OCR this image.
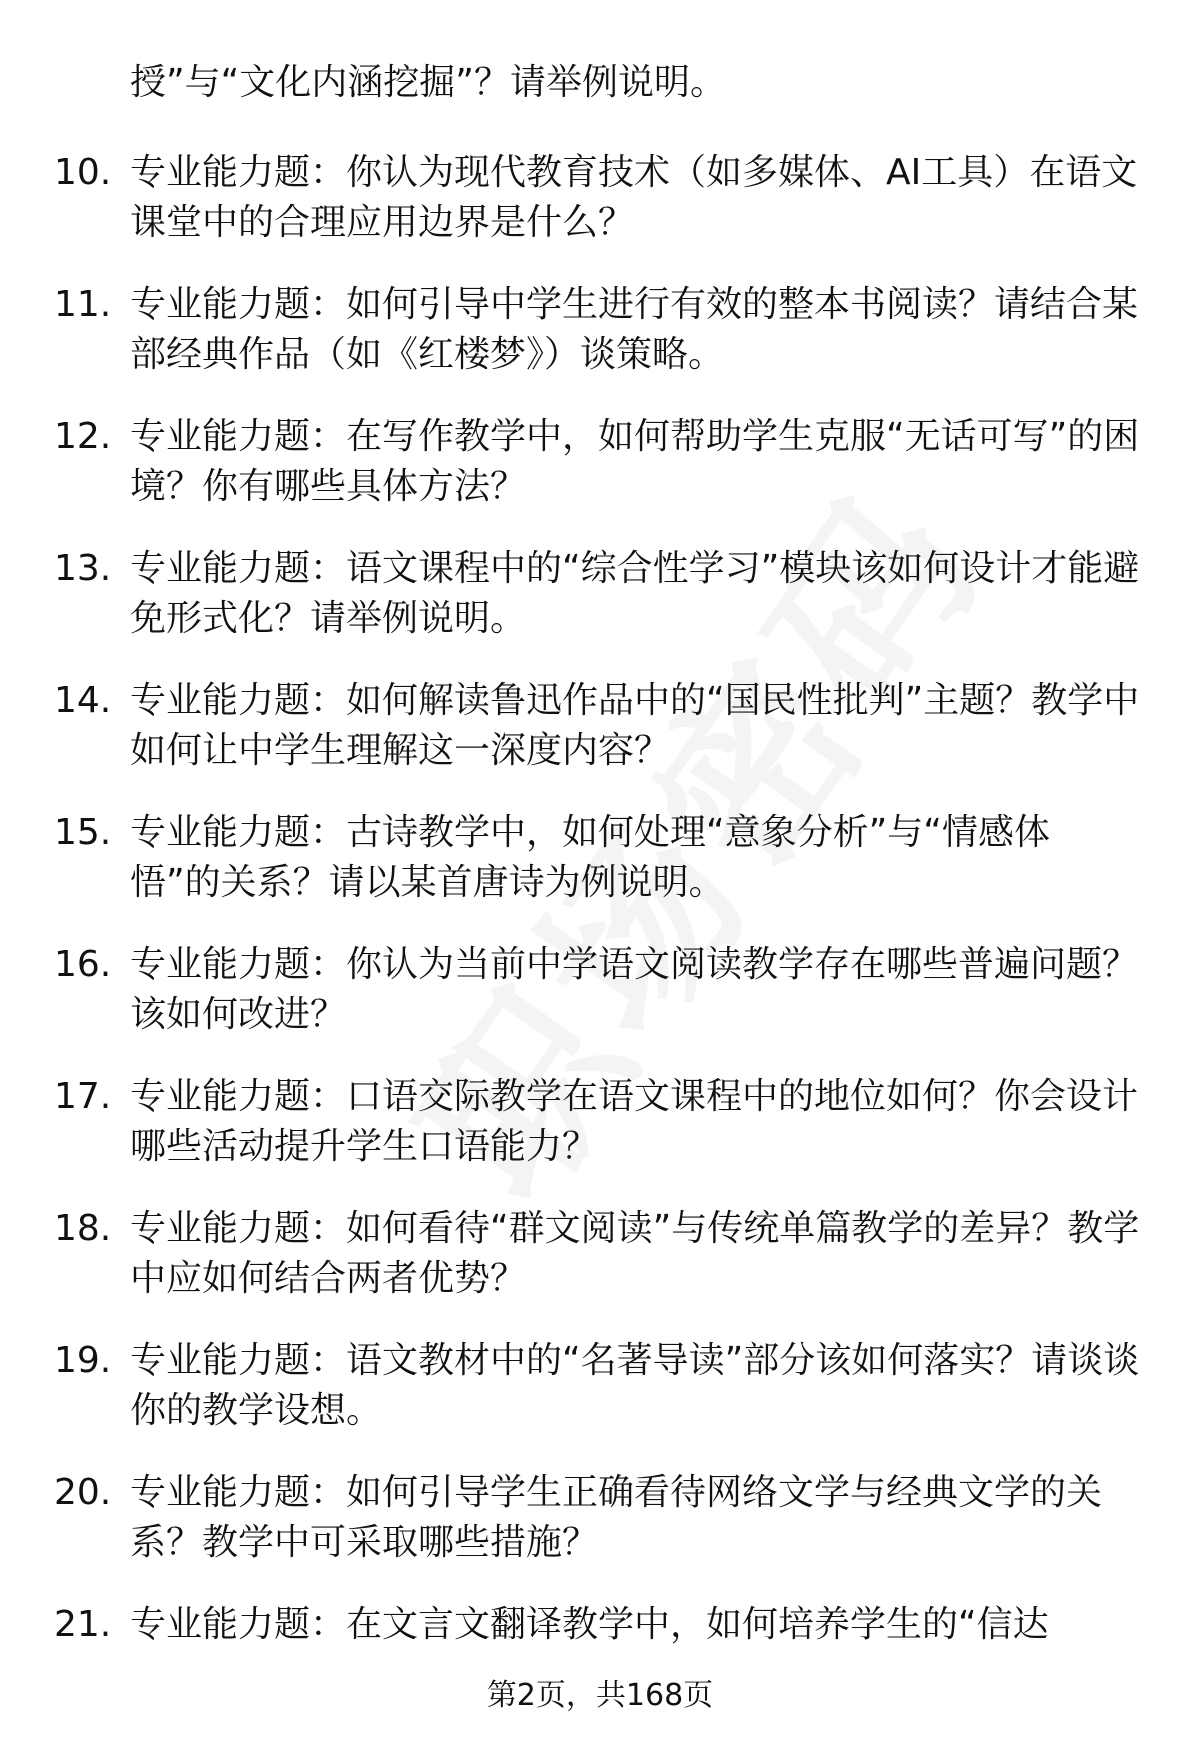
授”与“文化内涵挖掘”？请举例说明。

10. 专业能力题：你认为现代教育技术（如多媒体、AI工具）在语文课堂中的合理应用边界是什么？

11. 专业能力题：如何引导中学生进行有效的整本书阅读？请结合某部经典作品（如《红楼梦》）谈策略。

12. 专业能力题：在写作教学中，如何帮助学生克服“无话可写”的困境？你有哪些具体方法？

13. 专业能力题：语文课程中的“综合性学习”模块该如何设计才能避免形式化？请举例说明。

14. 专业能力题：如何解读鲁迅作品中的“国民性批判”主题？教学中如何让中学生理解这一深度内容？

15. 专业能力题：古诗教学中，如何处理“意象分析”与“情感体悟”的关系？请以某首唐诗为例说明。

16. 专业能力题：你认为当前中学语文阅读教学存在哪些普遍问题？该如何改进？

17. 专业能力题：口语交际教学在语文课程中的地位如何？你会设计哪些活动提升学生口语能力？

18. 专业能力题：如何看待“群文阅读”与传统单篇教学的差异？教学中应如何结合两者优势？

19. 专业能力题：语文教材中的“名著导读”部分该如何落实？请谈谈你的教学设想。

20. 专业能力题：如何引导学生正确看待网络文学与经典文学的关系？教学中可采取哪些措施？

21. 专业能力题：在文言文翻译教学中，如何培养学生的“信达

第2页，共168页
